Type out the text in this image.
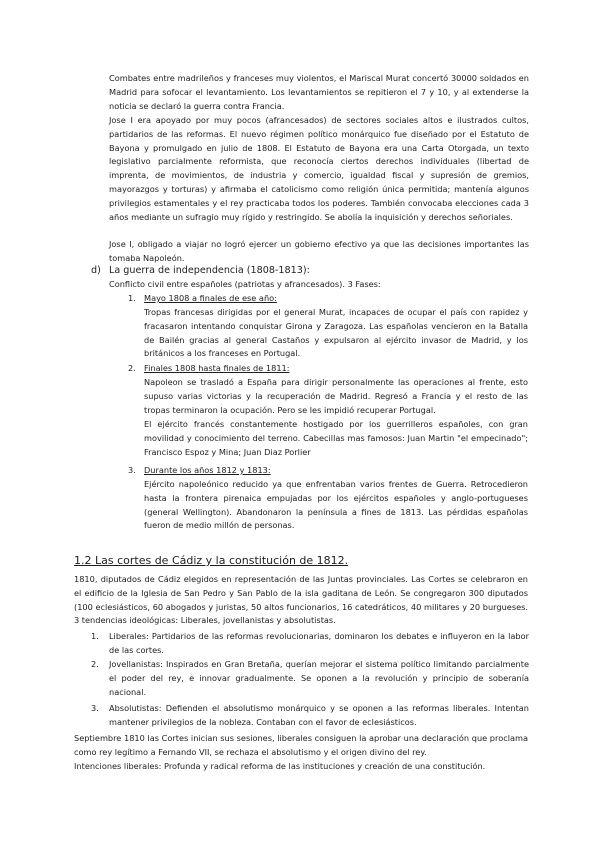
Combates entre madrileños y franceses muy violentos, el Mariscal Murat concertó 30000 soldados en Madrid para sofocar el levantamiento. Los levantamientos se repitieron el 7 y 10, y al extenderse la noticia se declaró la guerra contra Francia.

Jose I era apoyado por muy pocos (afrancesados) de sectores sociales altos e ilustrados cultos, partidarios de las reformas. El nuevo régimen político monárquico fue diseñado por el Estatuto de Bayona y promulgado en julio de 1808. El Estatuto de Bayona era una Carta Otorgada, un texto legislativo parcialmente reformista, que reconocía ciertos derechos individuales (libertad de imprenta, de movimientos, de industria y comercio, igualdad fiscal y supresión de gremios, mayorazgos y torturas) y afirmaba el catolicismo como religión única permitida; mantenía algunos privilegios estamentales y el rey practicaba todos los poderes. También convocaba elecciones cada 3 años mediante un sufragio muy rígido y restringido. Se abolía la inquisición y derechos señoriales.

Jose I, obligado a viajar no logró ejercer un gobierno efectivo ya que las decisiones importantes las tomaba Napoleón.

d) La guerra de independencia (1808-1813):

Conflicto civil entre españoles (patriotas y afrancesados). 3 Fases:

1. Mayo 1808 a finales de ese año:

Tropas francesas dirigidas por el general Murat, incapaces de ocupar el país con rapidez y fracasaron intentando conquistar Girona y Zaragoza. Las españolas vencieron en la Batalla de Bailén gracias al general Castaños y expulsaron al ejército invasor de Madrid, y los británicos a los franceses en Portugal.

2. Finales 1808 hasta finales de 1811:

Napoleon se trasladó a España para dirigir personalmente las operaciones al frente, esto supuso varias victorias y la recuperación de Madrid. Regresó a Francia y el resto de las tropas terminaron la ocupación. Pero se les impidió recuperar Portugal.

El ejército francés constantemente hostigado por los guerrilleros españoles, con gran movilidad y conocimiento del terreno. Cabecillas mas famosos: Juan Martin "el empecinado"; Francisco Espoz y Mina; Juan Diaz Porlier

3. Durante los años 1812 y 1813:

Ejército napoleónico reducido ya que enfrentaban varios frentes de Guerra. Retrocedieron hasta la frontera pirenaica empujadas por los ejércitos españoles y anglo-portugueses (general Wellington). Abandonaron la península a fines de 1813. Las pérdidas españolas fueron de medio millón de personas.

1.2 Las cortes de Cádiz y la constitución de 1812.

1810, diputados de Cádiz elegidos en representación de las Juntas provinciales. Las Cortes se celebraron en el edificio de la Iglesia de San Pedro y San Pablo de la isla gaditana de León. Se congregaron 300 diputados (100 eclesiásticos, 60 abogados y juristas, 50 altos funcionarios, 16 catedráticos, 40 militares y 20 burgueses. 3 tendencias ideológicas: Liberales, jovellanistas y absolutistas.

1. Liberales: Partidarios de las reformas revolucionarias, dominaron los debates e influyeron en la labor de las cortes.

2. Jovellanistas: Inspirados en Gran Bretaña, querían mejorar el sistema político limitando parcialmente el poder del rey, e innovar gradualmente. Se oponen a la revolución y principio de soberanía nacional.

3. Absolutistas: Defienden el absolutismo monárquico y se oponen a las reformas liberales. Intentan mantener privilegios de la nobleza. Contaban con el favor de eclesiásticos.

Septiembre 1810 las Cortes inician sus sesiones, liberales consiguen la aprobar una declaración que proclama como rey legítimo a Fernando VII, se rechaza el absolutismo y el origen divino del rey.

Intenciones liberales: Profunda y radical reforma de las instituciones y creación de una constitución.
